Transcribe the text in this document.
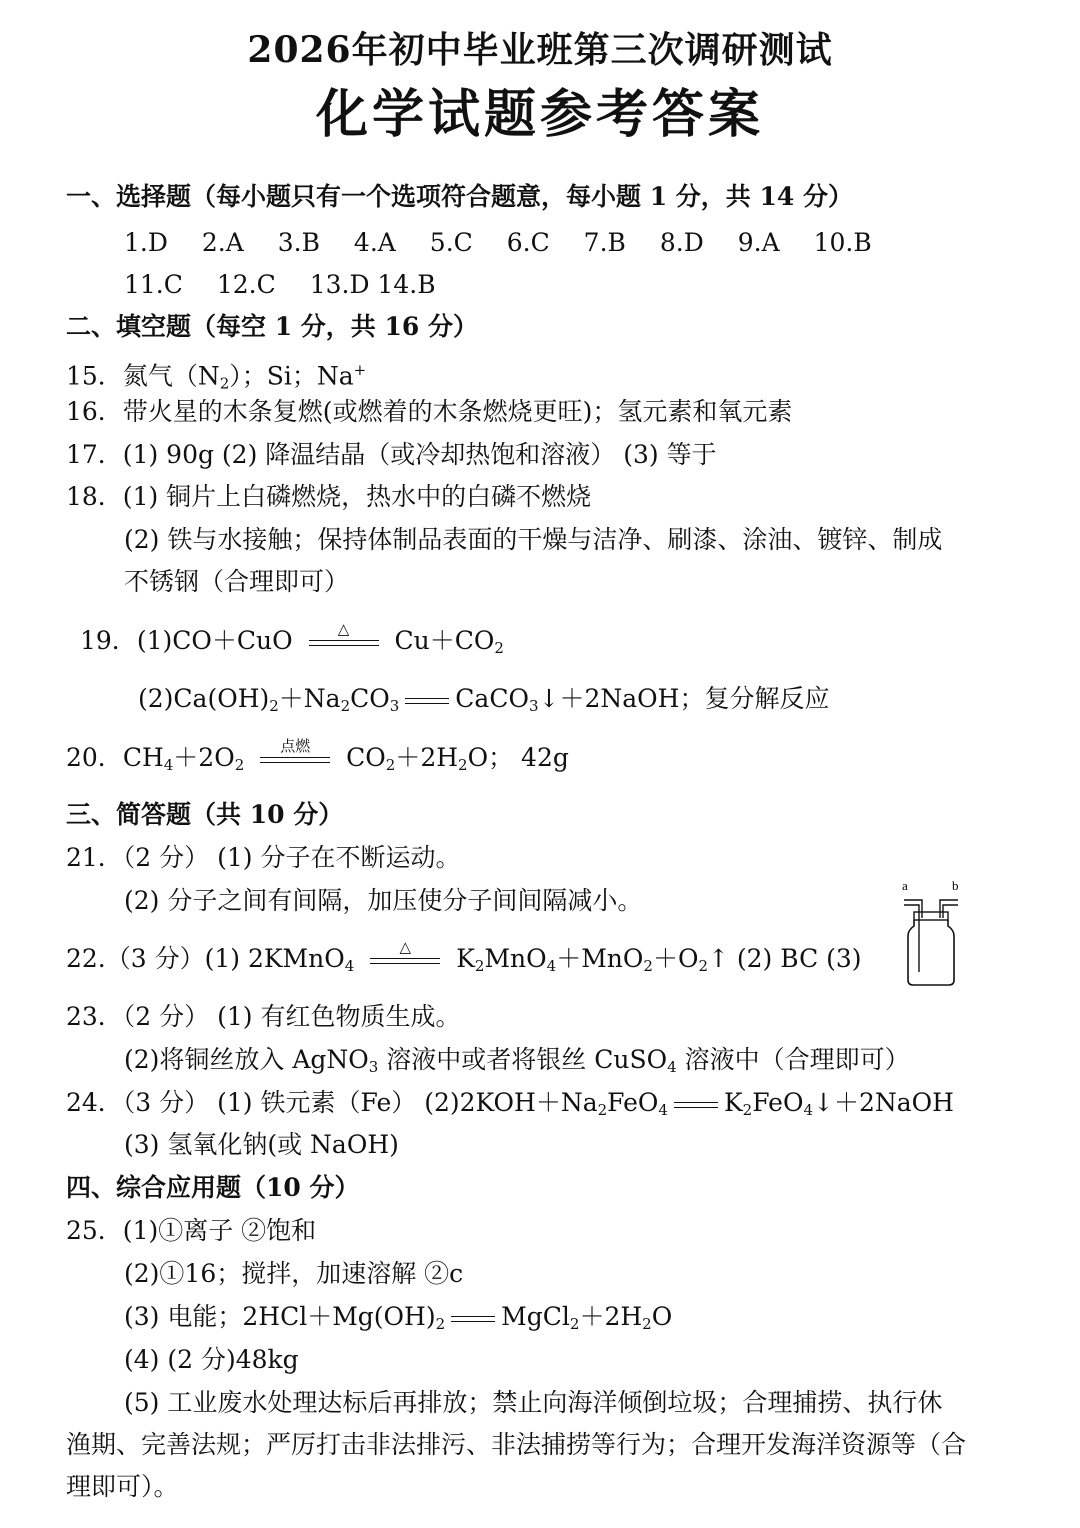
2026年初中毕业班第三次调研测试
化学试题参考答案
一、选择题（每小题只有一个选项符合题意，每小题 1 分，共 14 分）
1.D 2.A 3.B 4.A 5.C 6.C 7.B 8.D 9.A 10.B
11.C 12.C 13.D 14.B
二、填空题（每空 1 分，共 16 分）
15．氮气$(N_2)$；Si；Na+
16．带火星的木条复燃(或燃着的木条燃烧更旺)；氢元素和氧元素
17．(1) 90g (2) 降温结晶（或冷却热饱和溶液） (3) 等于
18．(1) 铜片上白磷燃烧，热水中的白磷不燃烧
(2) 铁与水接触；保持体制品表面的干燥与洁净、刷漆、涂油、镀锌、制成
不锈钢（合理即可）
19．(1)CO＋CuO	△	$Cu+CO_2$
$(2)Ca(OH)_2+Na_2CO_3$ CaCO$_3$↓＋2NaOH；复分解反应
20．$CH_4+2O_2$
点燃	$CO_2+2H_2O$； 42g
三、简答题（共 10 分）
21．（2 分） (1) 分子在不断运动。
(2) 分子之间有间隔，加压使分子间间隔减小。
22.（3 分）(1) 2KMnO$_4$
△	$K_2MnO_4+MnO_2+O_2↑$ (2) BC (3)
a	b
23．（2 分） (1) 有红色物质生成。
(2)将铜丝放入 AgNO$_3$ 溶液中或者将银丝 CuSO$_4$ 溶液中（合理即可）
24．（3 分） (1) 铁元素（Fe） $(2)2KOH+Na_2FeO_4$ $K_2FeO_4↓+2NaOH$
(3) 氢氧化钠(或 NaOH)
四、综合应用题（10 分）
25．(1)①离子 ②饱和
(2)①16；搅拌，加速溶解 ②c
(3) 电能；$2HCl+Mg(OH)_2$ $MgCl_2+2H_2O$
(4) (2 分)48kg
(5) 工业废水处理达标后再排放；禁止向海洋倾倒垃圾；合理捕捞、执行休
渔期、完善法规；严厉打击非法排污、非法捕捞等行为；合理开发海洋资源等（合
理即可）。
